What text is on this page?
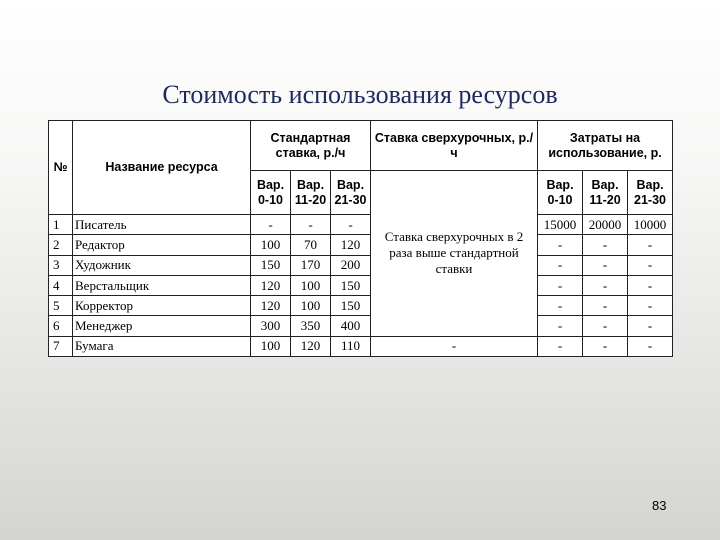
Стоимость использования ресурсов
№	Название ресурса	Стандартная ставка, р./ч			Ставка сверхурочных, р./ч	Затраты на использование, р.		
		Вар. 0-10	Вар. 11-20	Вар. 21-30	Ставка сверхурочных в 2 раза выше стандартной ставки	Вар. 0-10	Вар. 11-20	Вар. 21-30
1	Писатель	-	-	-		15000	20000	10000
2	Редактор	100	70	120		-	-	-
3	Художник	150	170	200		-	-	-
4	Верстальщик	120	100	150		-	-	-
5	Корректор	120	100	150		-	-	-
6	Менеджер	300	350	400		-	-	-
7	Бумага	100	120	110	-	-	-	-
83
